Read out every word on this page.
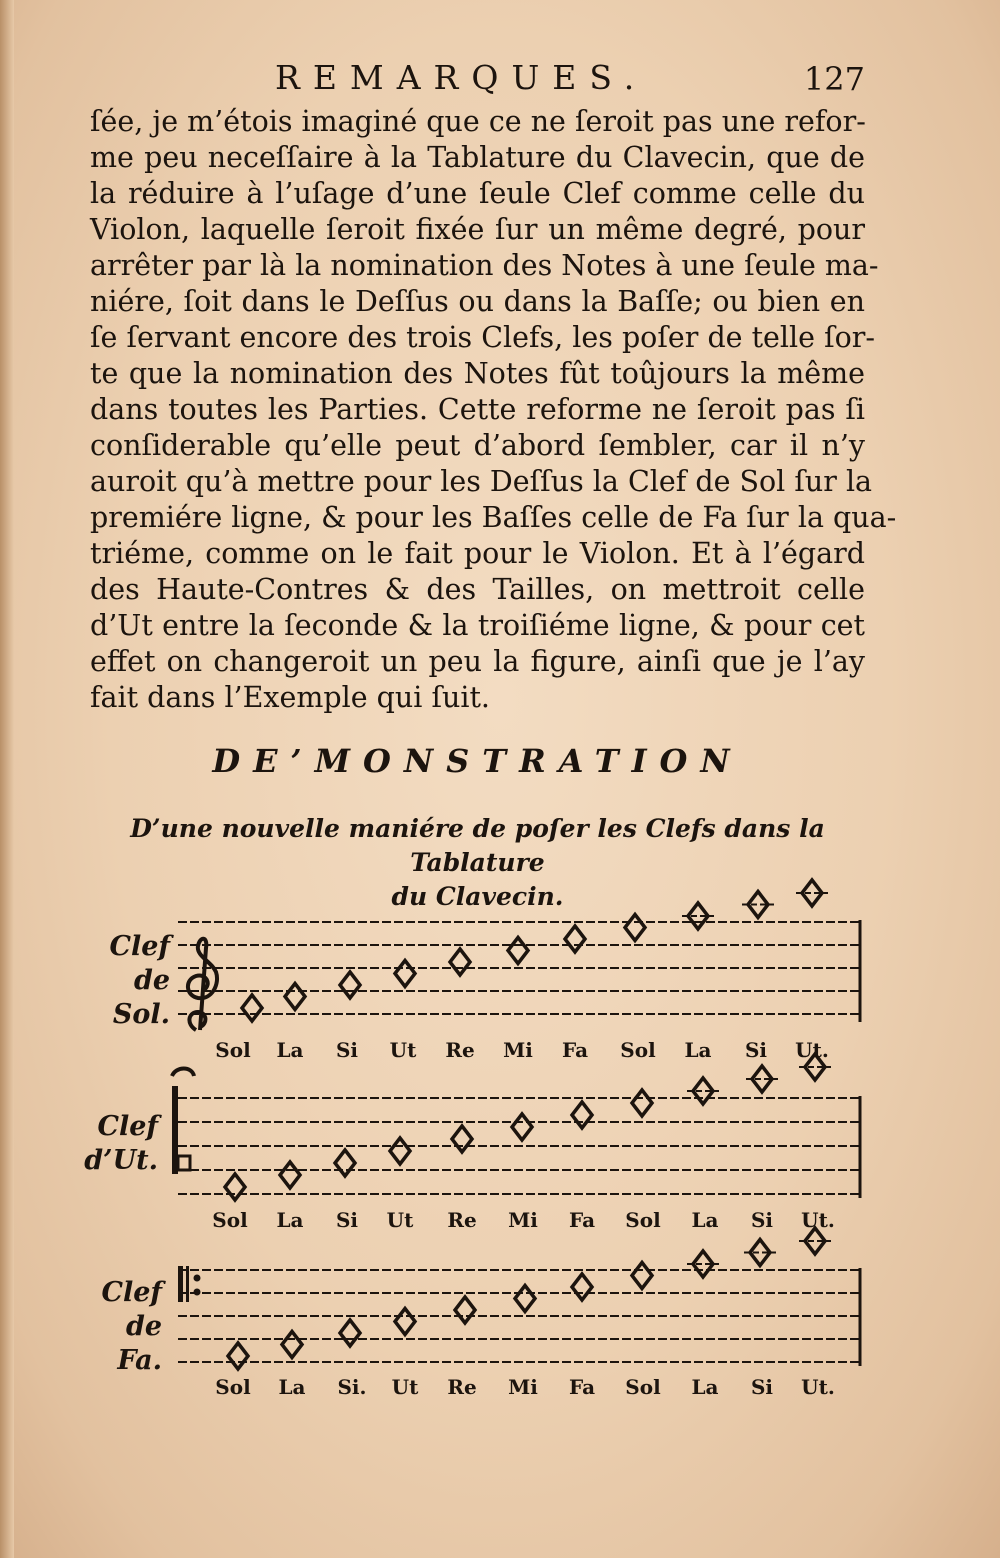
REMARQUES.	127
ſée, je m’étois imaginé que ce ne ſeroit pas une refor-
me peu neceſſaire à la Tablature du Clavecin, que de
la réduire à l’uſage d’une ſeule Clef comme celle du
Violon, laquelle ſeroit fixée ſur un même degré, pour
arrêter par là la nomination des Notes à une ſeule ma-
niére, ſoit dans le Deſſus ou dans la Baſſe; ou bien en
ſe ſervant encore des trois Clefs, les poſer de telle ſor-
te que la nomination des Notes fût toûjours la même
dans toutes les Parties. Cette reforme ne ſeroit pas ſi
conſiderable qu’elle peut d’abord ſembler, car il n’y
auroit qu’à mettre pour les Deſſus la Clef de Sol ſur la
premiére ligne, & pour les Baſſes celle de Fa ſur la qua-
triéme, comme on le fait pour le Violon. Et à l’égard
des Haute-Contres & des Tailles, on mettroit celle
d’Ut entre la ſeconde & la troiſiéme ligne, & pour cet
effet on changeroit un peu la figure, ainſi que je l’ay
fait dans l’Exemple qui ſuit.
DE’MONSTRATION
D’une nouvelle maniére de poſer les Clefs dans la Tablature
du Clavecin.
Clef
de Sol.
Sol La Si Ut Re Mi Fa Sol La Si Ut.
Clef
d’Ut.
Sol La Si Ut Re Mi Fa Sol La Si Ut.
Clef
de Fa.
Sol La Si. Ut Re Mi Fa Sol La Si Ut.
